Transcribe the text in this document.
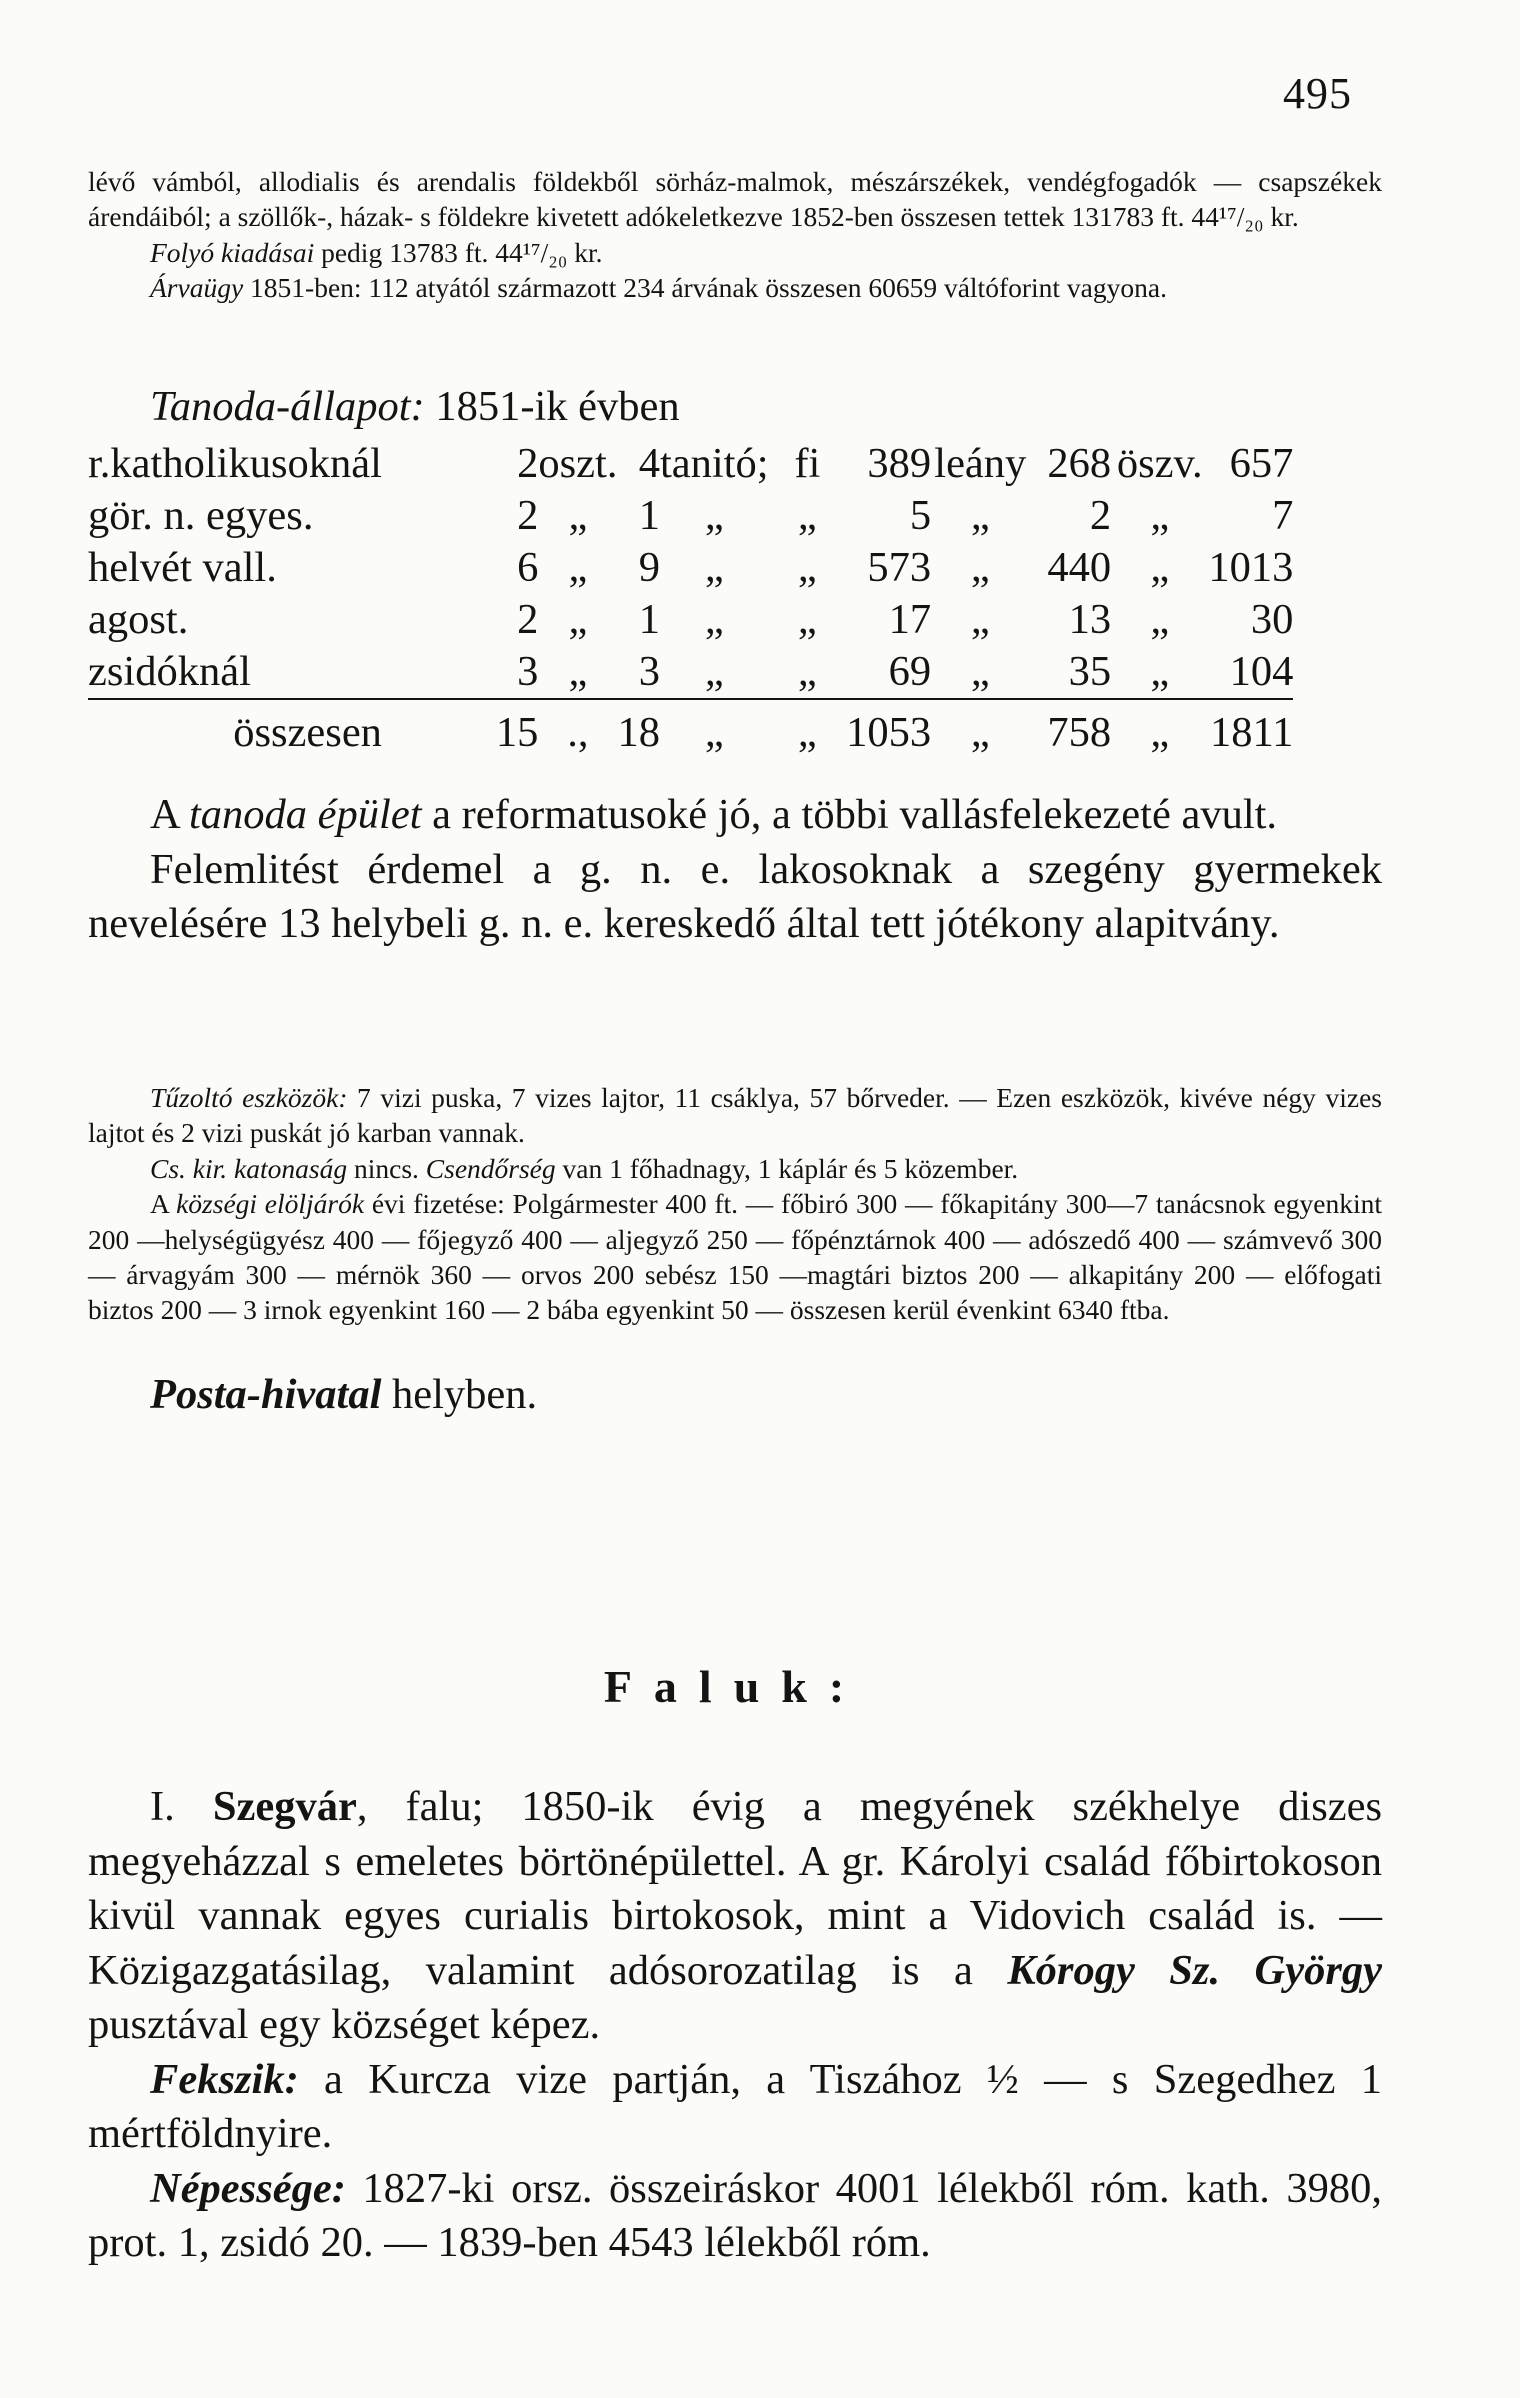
495

lévő vámból, allodialis és arendalis földekből sörház-malmok, mészárszékek, vendégfogadók — csapszékek árendáiból; a szöllők-, házak- s földekre kivetett adókeletkezve 1852-ben összesen tettek 131783 ft. 44¹⁷/₂₀ kr.

Folyó kiadásai pedig 13783 ft. 44¹⁷/₂₀ kr.

Árvaügy 1851-ben: 112 atyától származott 234 árvának összesen 60659 váltóforint vagyona.

Tanoda-állapot: 1851-ik évben

r.katholikusoknál	2	oszt.	4	tanitó;	fi	389	leány	268	öszv.	657
gör. n. egyes.	2	„	1	„	„	5	„	2	„	7
helvét vall.	6	„	9	„	„	573	„	440	„	1013
agost.	2	„	1	„	„	17	„	13	„	30
zsidóknál	3	„	3	„	„	69	„	35	„	104
összesen	15	.,	18	„	„	1053	„	758	„	1811

A tanoda épület a reformatusoké jó, a többi vallásfelekezeté avult.

Felemlitést érdemel a g. n. e. lakosoknak a szegény gyermekek nevelésére 13 helybeli g. n. e. kereskedő által tett jótékony alapitvány.

Tűzoltó eszközök: 7 vizi puska, 7 vizes lajtor, 11 csáklya, 57 bőrveder. — Ezen eszközök, kivéve négy vizes lajtot és 2 vizi puskát jó karban vannak.

Cs. kir. katonaság nincs. Csendőrség van 1 főhadnagy, 1 káplár és 5 közember.

A községi elöljárók évi fizetése: Polgármester 400 ft. — főbiró 300 — főkapitány 300—7 tanácsnok egyenkint 200 —helységügyész 400 — főjegyző 400 — aljegyző 250 — főpénztárnok 400 — adószedő 400 — számvevő 300 — árvagyám 300 — mérnök 360 — orvos 200 sebész 150 —magtári biztos 200 — alkapitány 200 — előfogati biztos 200 — 3 irnok egyenkint 160 — 2 bába egyenkint 50 — összesen kerül évenkint 6340 ftba.

Posta-hivatal helyben.

Faluk:

I. Szegvár, falu; 1850-ik évig a megyének székhelye diszes megyeházzal s emeletes börtönépülettel. A gr. Károlyi család főbirtokoson kivül vannak egyes curialis birtokosok, mint a Vidovich család is. — Közigazgatásilag, valamint adósorozatilag is a Kórogy Sz. György pusztával egy községet képez.

Fekszik: a Kurcza vize partján, a Tiszához ½ — s Szegedhez 1 mértföldnyire.

Népessége: 1827-ki orsz. összeiráskor 4001 lélekből róm. kath. 3980, prot. 1, zsidó 20. — 1839-ben 4543 lélekből róm.
